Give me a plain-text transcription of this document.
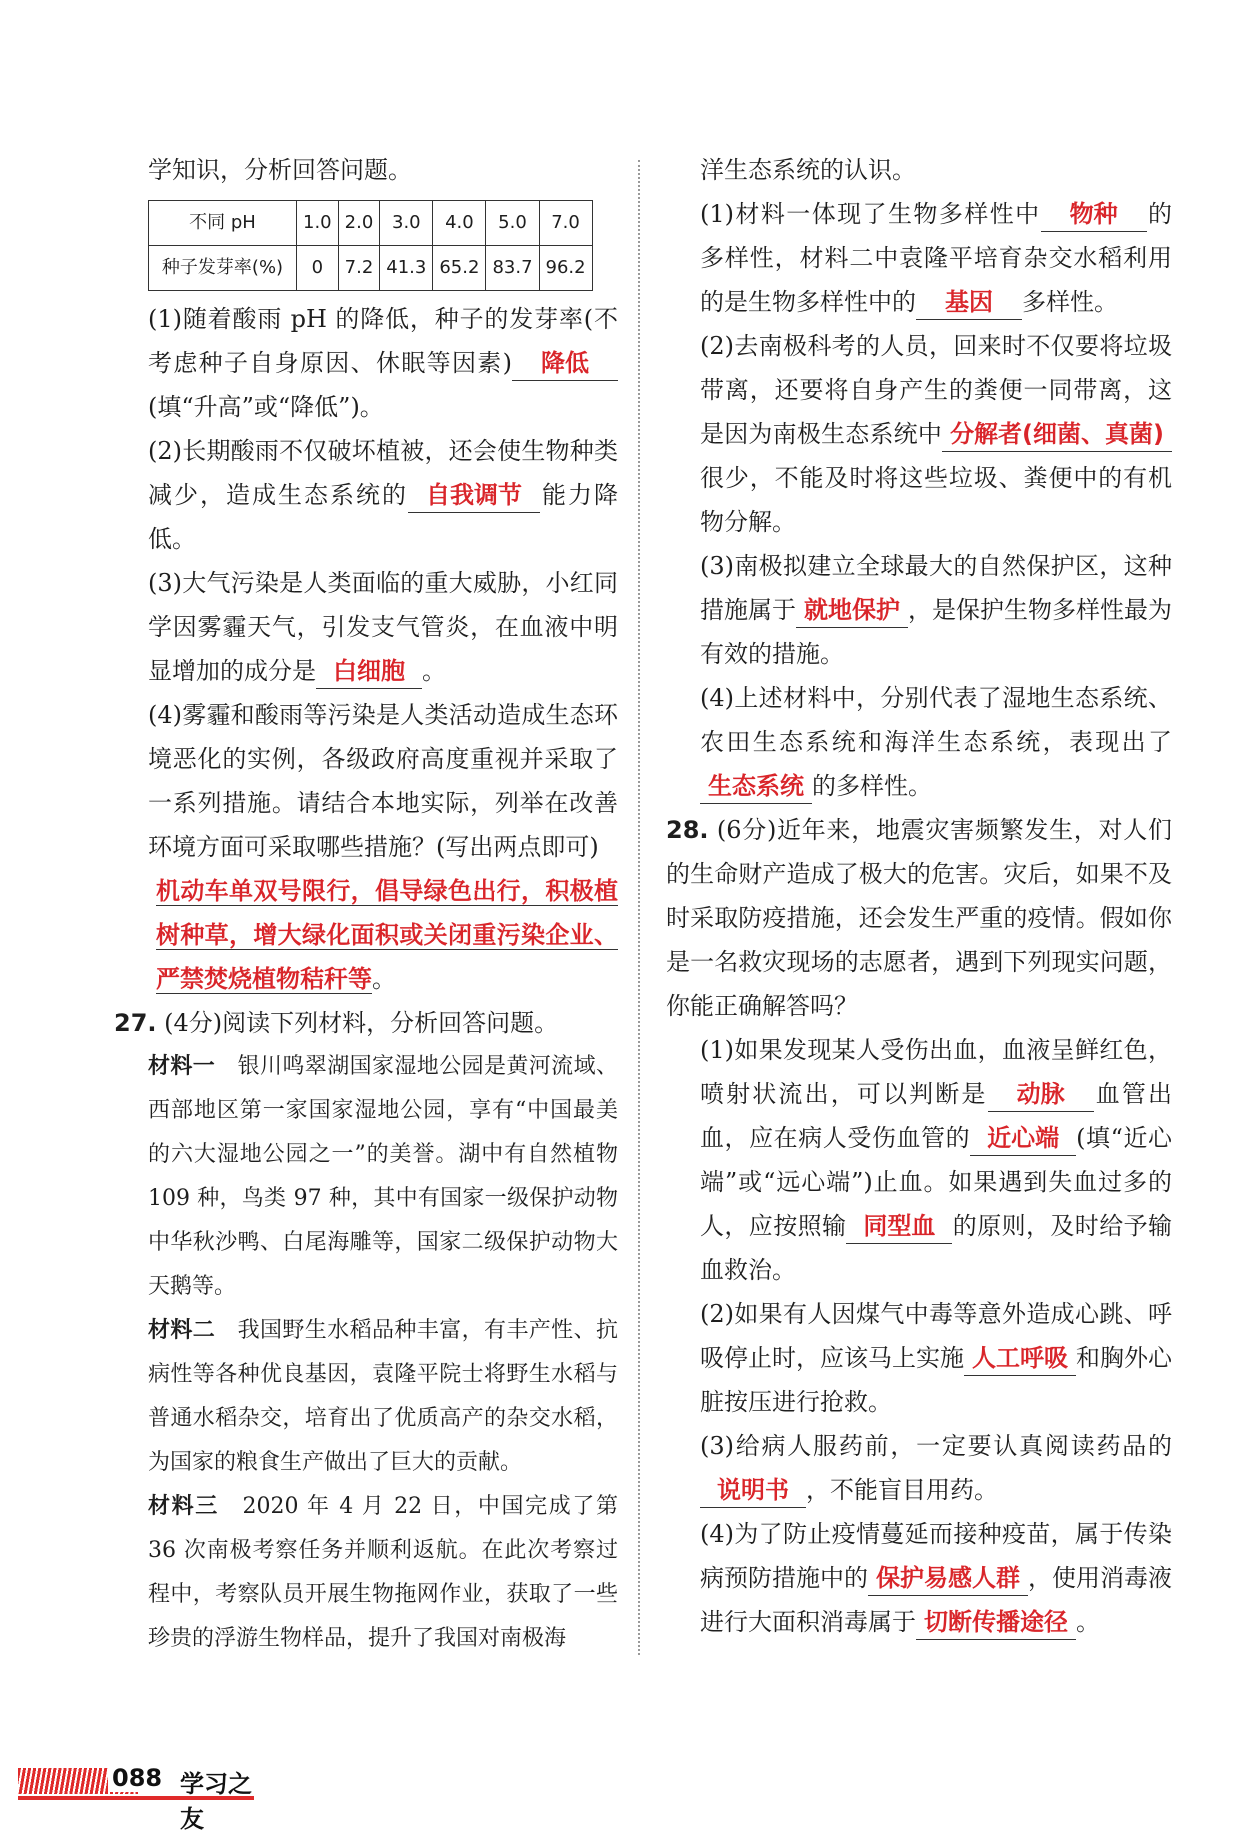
学知识，分析回答问题。

不同 pH	1.0	2.0	3.0	4.0	5.0	7.0
种子发芽率(%)	0	7.2	41.3	65.2	83.7	96.2

(1)随着酸雨 pH 的降低，种子的发芽率(不考虑种子自身原因、休眠等因素) 降低(填“升高”或“降低”)。

(2)长期酸雨不仅破坏植被，还会使生物种类减少，造成生态系统的 自我调节 能力降低。

(3)大气污染是人类面临的重大威胁，小红同学因雾霾天气，引发支气管炎，在血液中明显增加的成分是 白细胞 。

(4)雾霾和酸雨等污染是人类活动造成生态环境恶化的实例，各级政府高度重视并采取了一系列措施。请结合本地实际，列举在改善环境方面可采取哪些措施？(写出两点即可)

机动车单双号限行，倡导绿色出行，积极植树种草，增大绿化面积或关闭重污染企业、严禁焚烧植物秸秆等。

27. (4分)阅读下列材料，分析回答问题。

材料一　 银川鸣翠湖国家湿地公园是黄河流域、西部地区第一家国家湿地公园，享有“中国最美的六大湿地公园之一”的美誉。湖中有自然植物 109 种，鸟类 97 种，其中有国家一级保护动物中华秋沙鸭、白尾海雕等，国家二级保护动物大天鹅等。

材料二　 我国野生水稻品种丰富，有丰产性、抗病性等各种优良基因，袁隆平院士将野生水稻与普通水稻杂交，培育出了优质高产的杂交水稻，为国家的粮食生产做出了巨大的贡献。

材料三　 2020 年 4 月 22 日，中国完成了第 36 次南极考察任务并顺利返航。在此次考察过程中，考察队员开展生物拖网作业，获取了一些珍贵的浮游生物样品，提升了我国对南极海

洋生态系统的认识。

(1)材料一体现了生物多样性中 物种 的多样性，材料二中袁隆平培育杂交水稻利用的是生物多样性中的 基因 多样性。

(2)去南极科考的人员，回来时不仅要将垃圾带离，还要将自身产生的粪便一同带离，这是因为南极生态系统中 分解者(细菌、真菌)很少，不能及时将这些垃圾、粪便中的有机物分解。

(3)南极拟建立全球最大的自然保护区，这种措施属于 就地保护 ，是保护生物多样性最为有效的措施。

(4)上述材料中，分别代表了湿地生态系统、农田生态系统和海洋生态系统，表现出了生态系统 的多样性。

28. (6分)近年来，地震灾害频繁发生，对人们的生命财产造成了极大的危害。灾后，如果不及时采取防疫措施，还会发生严重的疫情。假如你是一名救灾现场的志愿者，遇到下列现实问题，你能正确解答吗？

(1)如果发现某人受伤出血，血液呈鲜红色，喷射状流出，可以判断是 动脉 血管出血，应在病人受伤血管的 近心端 (填“近心端”或“远心端”)止血。如果遇到失血过多的人，应按照输 同型血 的原则，及时给予输血救治。

(2)如果有人因煤气中毒等意外造成心跳、呼吸停止时，应该马上实施 人工呼吸 和胸外心脏按压进行抢救。

(3)给病人服药前，一定要认真阅读药品的说明书 ，不能盲目用药。

(4)为了防止疫情蔓延而接种疫苗，属于传染病预防措施中的 保护易感人群 ，使用消毒液进行大面积消毒属于 切断传播途径 。

088 学习之友
